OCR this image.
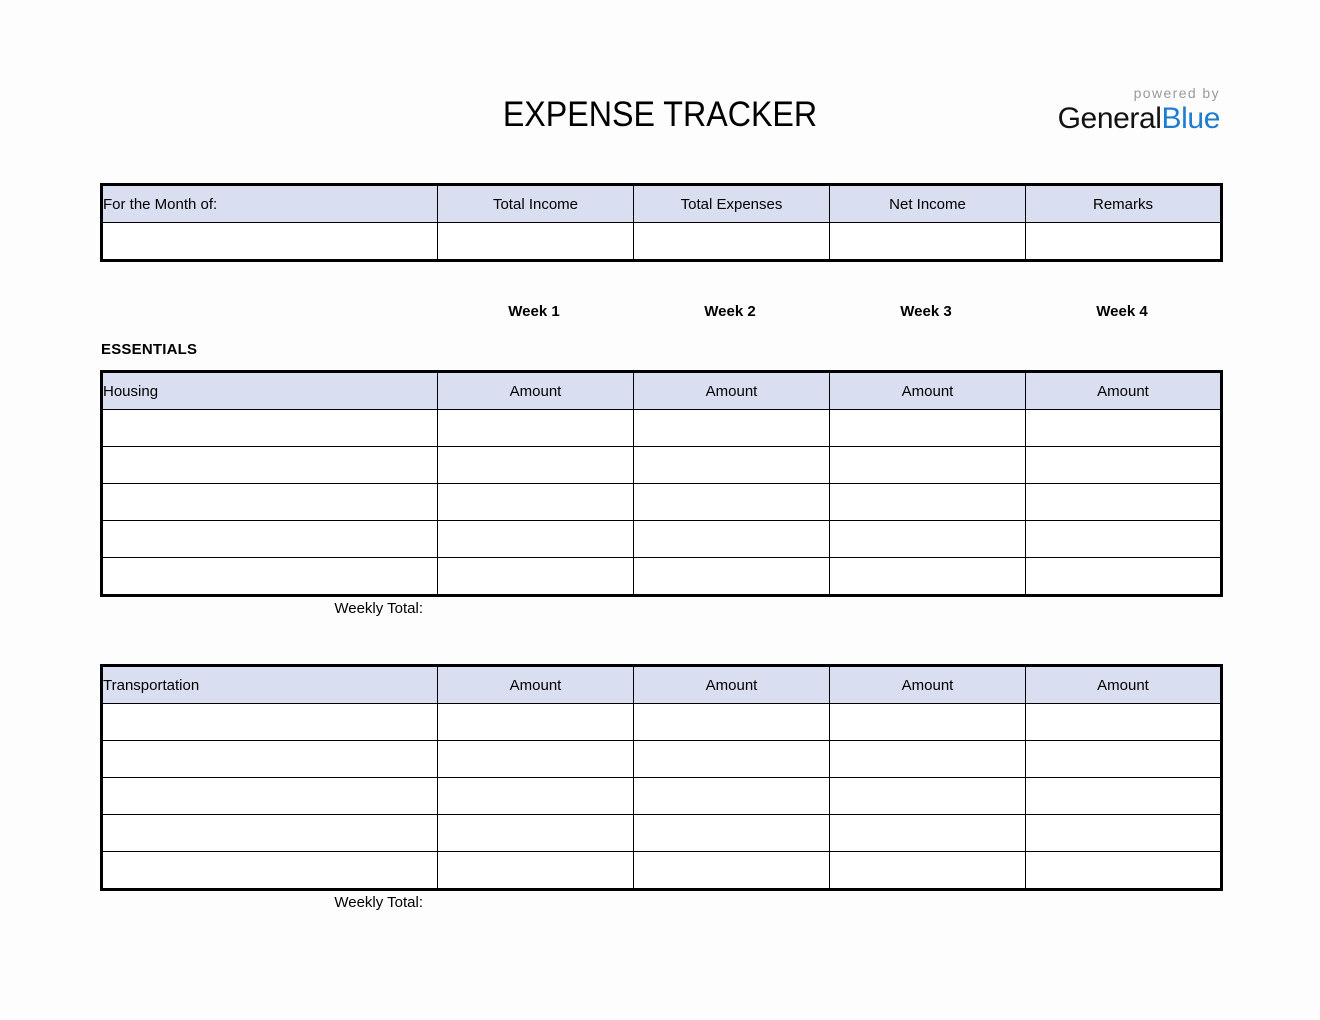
EXPENSE TRACKER
powered by
GeneralBlue
For the Month of:	Total Income	Total Expenses	Net Income	Remarks

Week 1	Week 2	Week 3	Week 4
ESSENTIALS
Housing	Amount	Amount	Amount	Amount

Weekly Total:
Transportation	Amount	Amount	Amount	Amount

Weekly Total:
